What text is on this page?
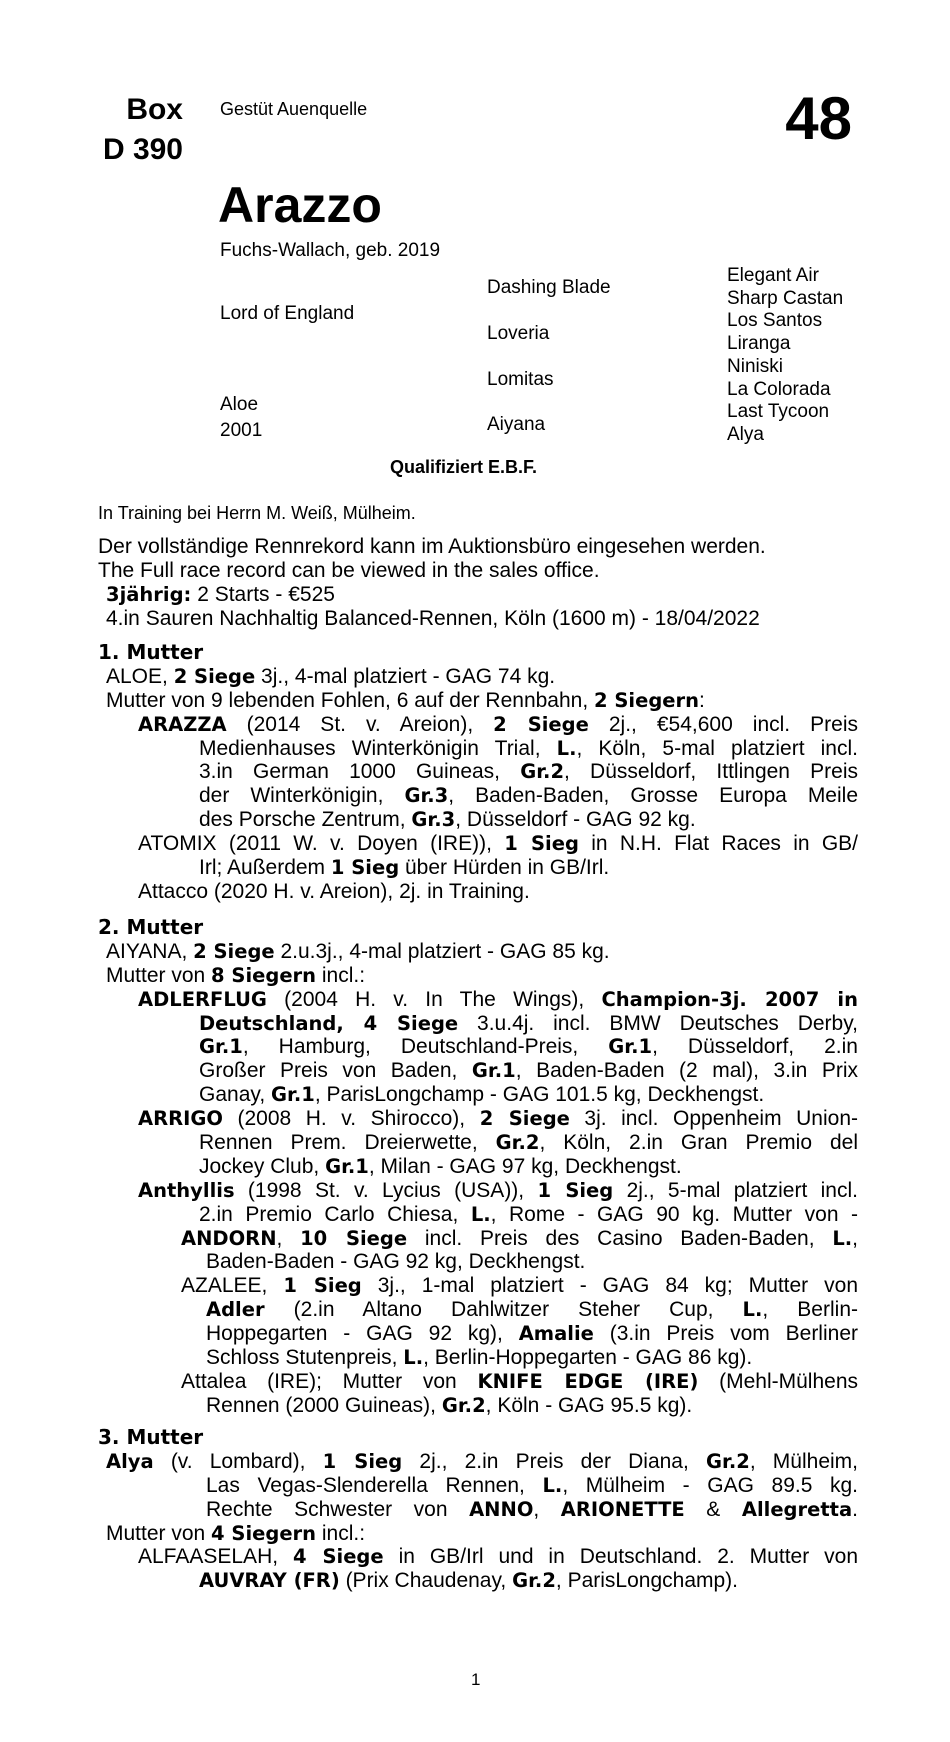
Box
D 390
Gestüt Auenquelle	48
Arazzo
Fuchs-Wallach, geb. 2019
Lord of England
Aloe
2001
Dashing Blade
Loveria
Lomitas
Aiyana
Elegant Air
Sharp Castan
Los Santos
Liranga
Niniski
La Colorada
Last Tycoon
Alya
Qualifiziert E.B.F.
In Training bei Herrn M. Weiß, Mülheim.
Der vollständige Rennrekord kann im Auktionsbüro eingesehen werden.
The Full race record can be viewed in the sales office.
3jährig: 2 Starts - €525
4.in Sauren Nachhaltig Balanced-Rennen, Köln (1600 m) - 18/04/2022
1. Mutter
ALOE, 2 Siege 3j., 4-mal platziert - GAG 74 kg.
Mutter von 9 lebenden Fohlen, 6 auf der Rennbahn, 2 Siegern:
ARAZZA (2014 St. v. Areion), 2 Siege 2j., €54,600 incl. Preis
Medienhauses Winterkönigin Trial, L., Köln, 5-mal platziert incl.
3.in German 1000 Guineas, Gr.2, Düsseldorf, Ittlingen Preis
der Winterkönigin, Gr.3, Baden-Baden, Grosse Europa Meile
des Porsche Zentrum, Gr.3, Düsseldorf - GAG 92 kg.
ATOMIX (2011 W. v. Doyen (IRE)), 1 Sieg in N.H. Flat Races in GB/
Irl; Außerdem 1 Sieg über Hürden in GB/Irl.
Attacco (2020 H. v. Areion), 2j. in Training.
2. Mutter
AIYANA, 2 Siege 2.u.3j., 4-mal platziert - GAG 85 kg.
Mutter von 8 Siegern incl.:
ADLERFLUG (2004 H. v. In The Wings), Champion-3j. 2007 in
Deutschland, 4 Siege 3.u.4j. incl. BMW Deutsches Derby,
Gr.1, Hamburg, Deutschland-Preis, Gr.1, Düsseldorf, 2.in
Großer Preis von Baden, Gr.1, Baden-Baden (2 mal), 3.in Prix
Ganay, Gr.1, ParisLongchamp - GAG 101.5 kg, Deckhengst.
ARRIGO (2008 H. v. Shirocco), 2 Siege 3j. incl. Oppenheim Union-
Rennen Prem. Dreierwette, Gr.2, Köln, 2.in Gran Premio del
Jockey Club, Gr.1, Milan - GAG 97 kg, Deckhengst.
Anthyllis (1998 St. v. Lycius (USA)), 1 Sieg 2j., 5-mal platziert incl.
2.in Premio Carlo Chiesa, L., Rome - GAG 90 kg. Mutter von -
ANDORN, 10 Siege incl. Preis des Casino Baden-Baden, L.,
Baden-Baden - GAG 92 kg, Deckhengst.
AZALEE, 1 Sieg 3j., 1-mal platziert - GAG 84 kg; Mutter von
Adler (2.in Altano Dahlwitzer Steher Cup, L., Berlin-
Hoppegarten - GAG 92 kg), Amalie (3.in Preis vom Berliner
Schloss Stutenpreis, L., Berlin-Hoppegarten - GAG 86 kg).
Attalea (IRE); Mutter von KNIFE EDGE (IRE) (Mehl-Mülhens
Rennen (2000 Guineas), Gr.2, Köln - GAG 95.5 kg).
3. Mutter
Alya (v. Lombard), 1 Sieg 2j., 2.in Preis der Diana, Gr.2, Mülheim,
Las Vegas-Slenderella Rennen, L., Mülheim - GAG 89.5 kg.
Rechte Schwester von ANNO, ARIONETTE & Allegretta.
Mutter von 4 Siegern incl.:
ALFAASELAH, 4 Siege in GB/Irl und in Deutschland. 2. Mutter von
AUVRAY (FR) (Prix Chaudenay, Gr.2, ParisLongchamp).
1
